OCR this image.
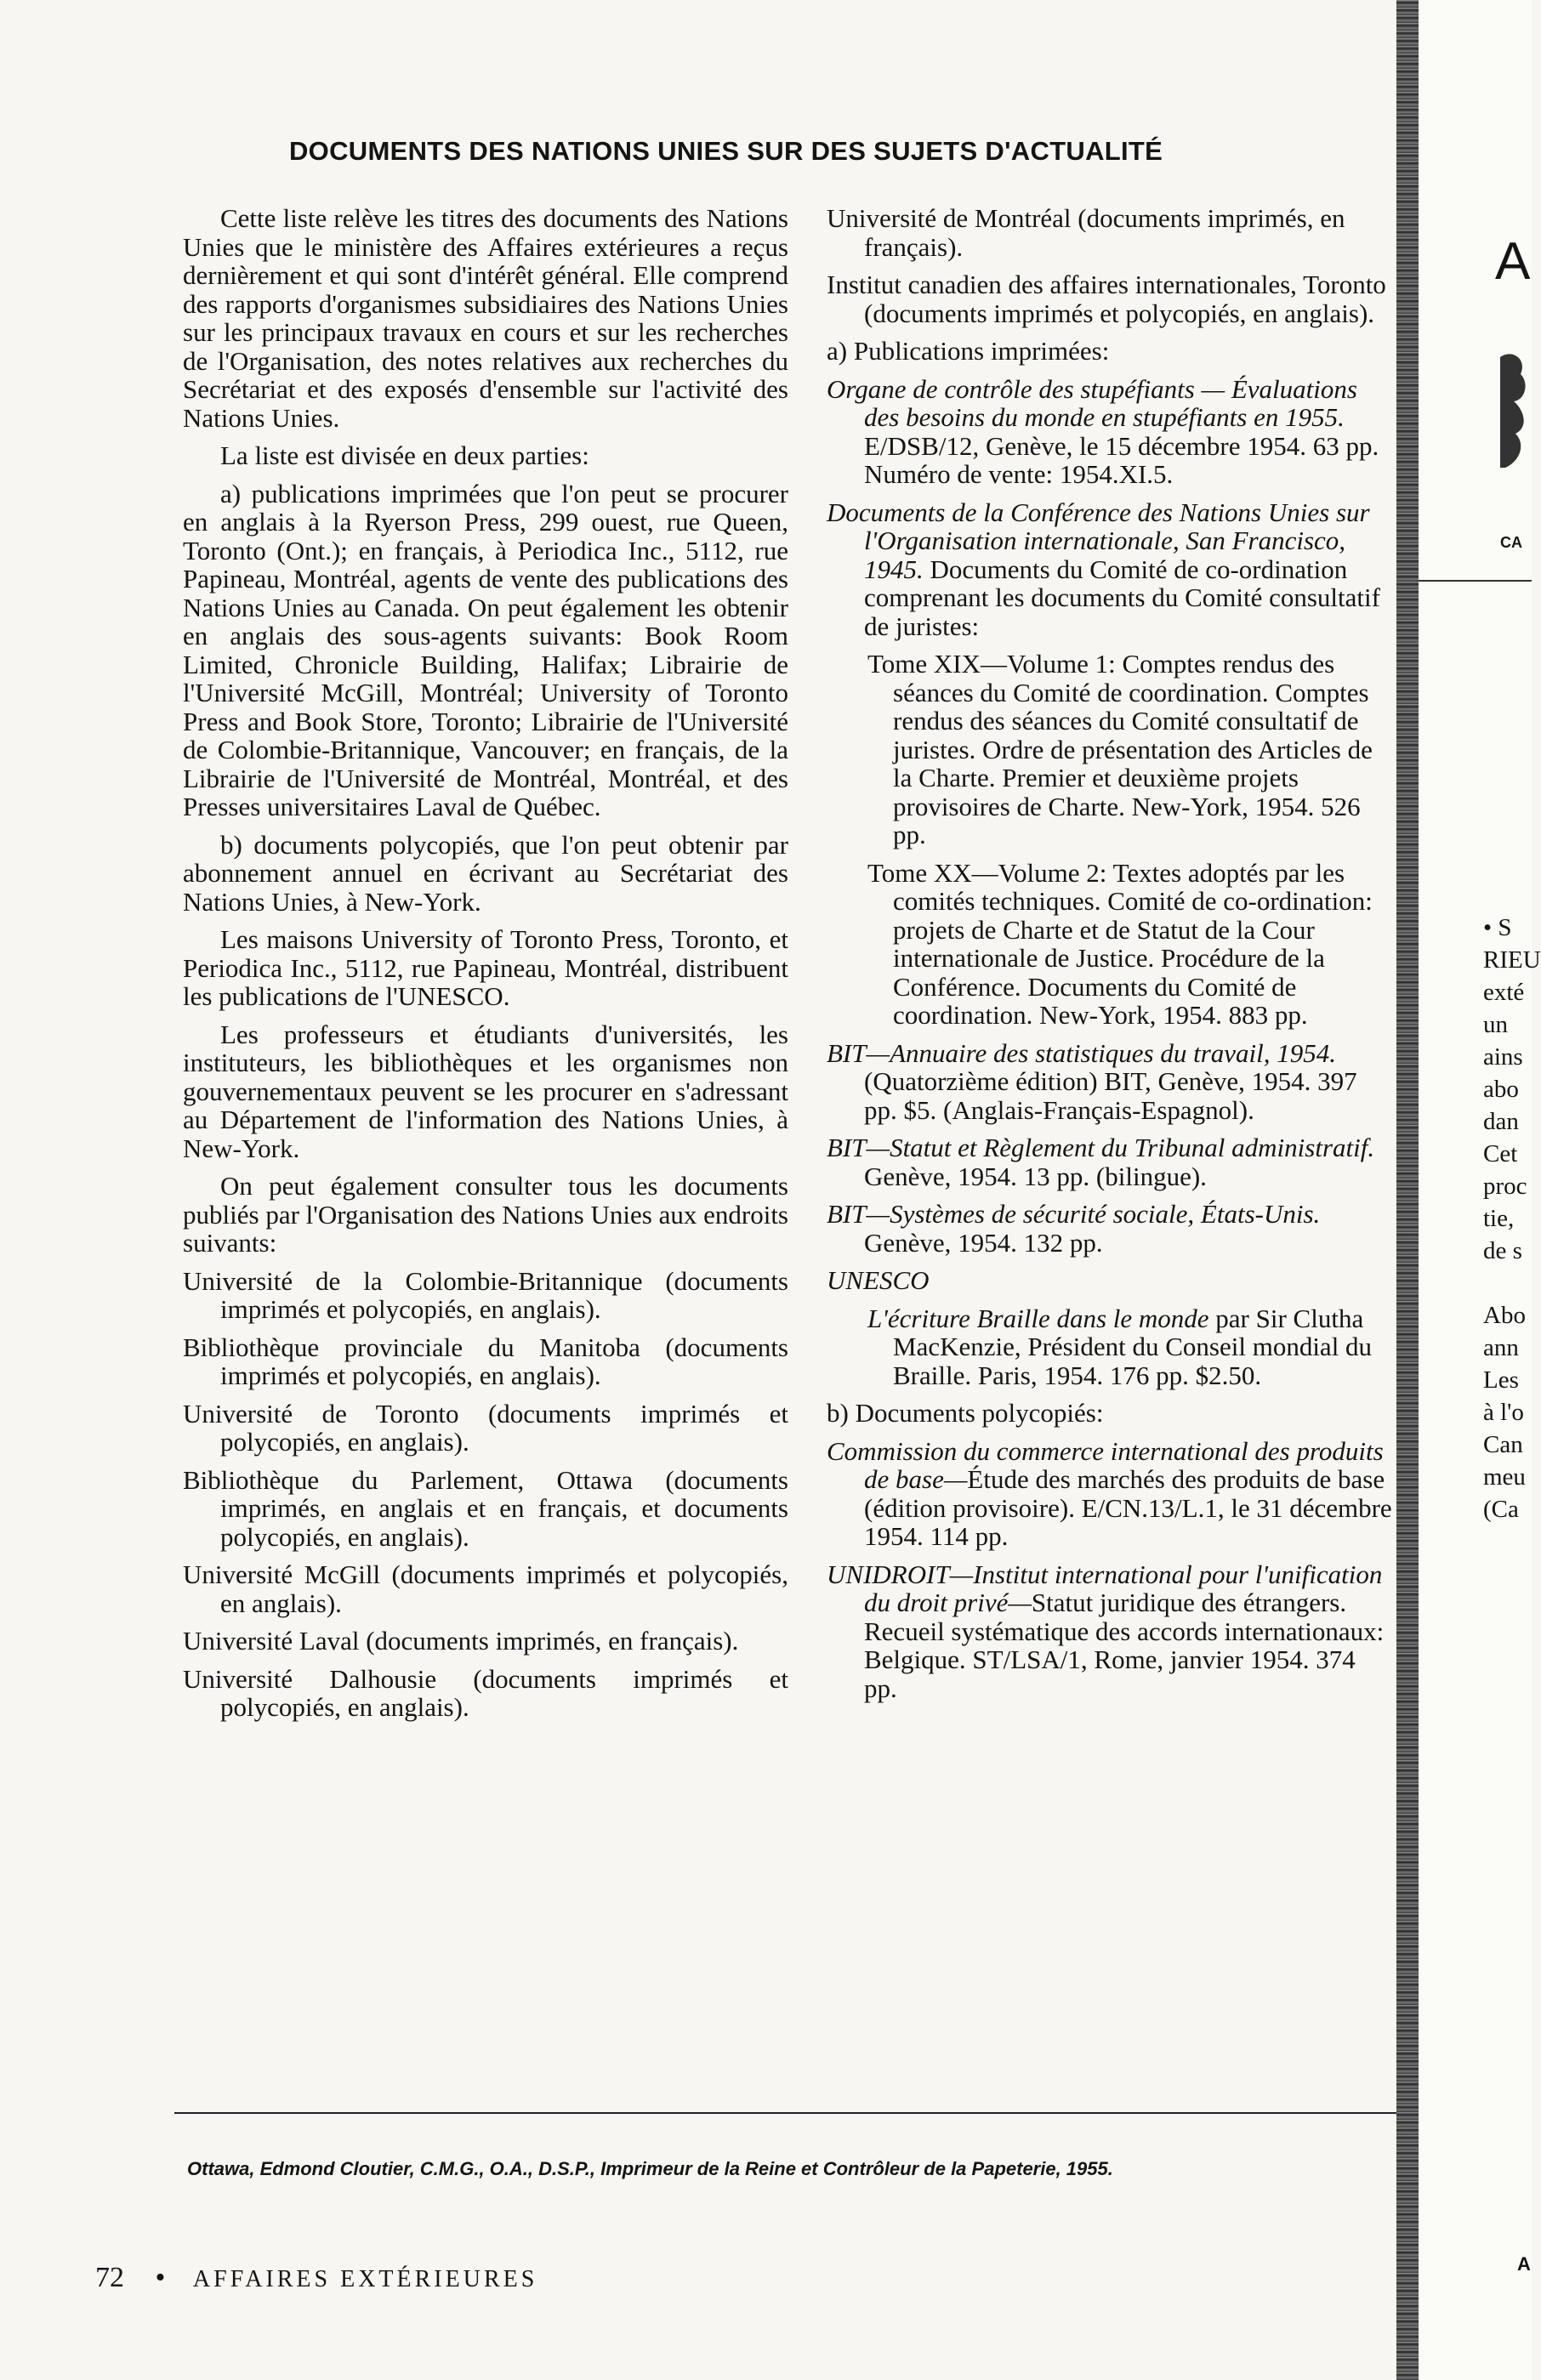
DOCUMENTS DES NATIONS UNIES SUR DES SUJETS D'ACTUALITÉ

Cette liste relève les titres des documents des Nations Unies que le ministère des Affaires extérieures a reçus dernièrement et qui sont d'intérêt général. Elle comprend des rapports d'organismes subsidiaires des Nations Unies sur les principaux travaux en cours et sur les recherches de l'Organisation, des notes relatives aux recherches du Secrétariat et des exposés d'ensemble sur l'activité des Nations Unies.

La liste est divisée en deux parties:

a) publications imprimées que l'on peut se procurer en anglais à la Ryerson Press, 299 ouest, rue Queen, Toronto (Ont.); en français, à Periodica Inc., 5112, rue Papineau, Montréal, agents de vente des publications des Nations Unies au Canada. On peut également les obtenir en anglais des sous-agents suivants: Book Room Limited, Chronicle Building, Halifax; Librairie de l'Université McGill, Montréal; University of Toronto Press and Book Store, Toronto; Librairie de l'Université de Colombie-Britannique, Vancouver; en français, de la Librairie de l'Université de Montréal, Montréal, et des Presses universitaires Laval de Québec.

b) documents polycopiés, que l'on peut obtenir par abonnement annuel en écrivant au Secrétariat des Nations Unies, à New-York.

Les maisons University of Toronto Press, Toronto, et Periodica Inc., 5112, rue Papineau, Montréal, distribuent les publications de l'UNESCO.

Les professeurs et étudiants d'universités, les instituteurs, les bibliothèques et les organismes non gouvernementaux peuvent se les procurer en s'adressant au Département de l'information des Nations Unies, à New-York.

On peut également consulter tous les documents publiés par l'Organisation des Nations Unies aux endroits suivants:

Université de la Colombie-Britannique (documents imprimés et polycopiés, en anglais).

Bibliothèque provinciale du Manitoba (documents imprimés et polycopiés, en anglais).

Université de Toronto (documents imprimés et polycopiés, en anglais).

Bibliothèque du Parlement, Ottawa (documents imprimés, en anglais et en français, et documents polycopiés, en anglais).

Université McGill (documents imprimés et polycopiés, en anglais).

Université Laval (documents imprimés, en français).

Université Dalhousie (documents imprimés et polycopiés, en anglais).

Université de Montréal (documents imprimés, en français).

Institut canadien des affaires internationales, Toronto (documents imprimés et polycopiés, en anglais).

a) Publications imprimées:

Organe de contrôle des stupéfiants — Évaluations des besoins du monde en stupéfiants en 1955. E/DSB/12, Genève, le 15 décembre 1954. 63 pp. Numéro de vente: 1954.XI.5.

Documents de la Conférence des Nations Unies sur l'Organisation internationale, San Francisco, 1945. Documents du Comité de co-ordination comprenant les documents du Comité consultatif de juristes:

Tome XIX—Volume 1: Comptes rendus des séances du Comité de coordination. Comptes rendus des séances du Comité consultatif de juristes. Ordre de présentation des Articles de la Charte. Premier et deuxième projets provisoires de Charte. New-York, 1954. 526 pp.

Tome XX—Volume 2: Textes adoptés par les comités techniques. Comité de co-ordination: projets de Charte et de Statut de la Cour internationale de Justice. Procédure de la Conférence. Documents du Comité de coordination. New-York, 1954. 883 pp.

BIT—Annuaire des statistiques du travail, 1954. (Quatorzième édition) BIT, Genève, 1954. 397 pp. $5. (Anglais-Français-Espagnol).

BIT—Statut et Règlement du Tribunal administratif. Genève, 1954. 13 pp. (bilingue).

BIT—Systèmes de sécurité sociale, États-Unis. Genève, 1954. 132 pp.

UNESCO

L'écriture Braille dans le monde par Sir Clutha MacKenzie, Président du Conseil mondial du Braille. Paris, 1954. 176 pp. $2.50.

b) Documents polycopiés:

Commission du commerce international des produits de base—Étude des marchés des produits de base (édition provisoire). E/CN.13/L.1, le 31 décembre 1954. 114 pp.

UNIDROIT—Institut international pour l'unification du droit privé—Statut juridique des étrangers. Recueil systématique des accords internationaux: Belgique. ST/LSA/1, Rome, janvier 1954. 374 pp.

Ottawa, Edmond Cloutier, C.M.G., O.A., D.S.P., Imprimeur de la Reine et Contrôleur de la Papeterie, 1955.
72 • AFFAIRES EXTÉRIEURES
A
CA
• S
RIEU
exté
un
ains
abo
dan
Cet
proc
tie,
de s

Abo
ann
Les
à l'o
Can
meu
(Ca
A
